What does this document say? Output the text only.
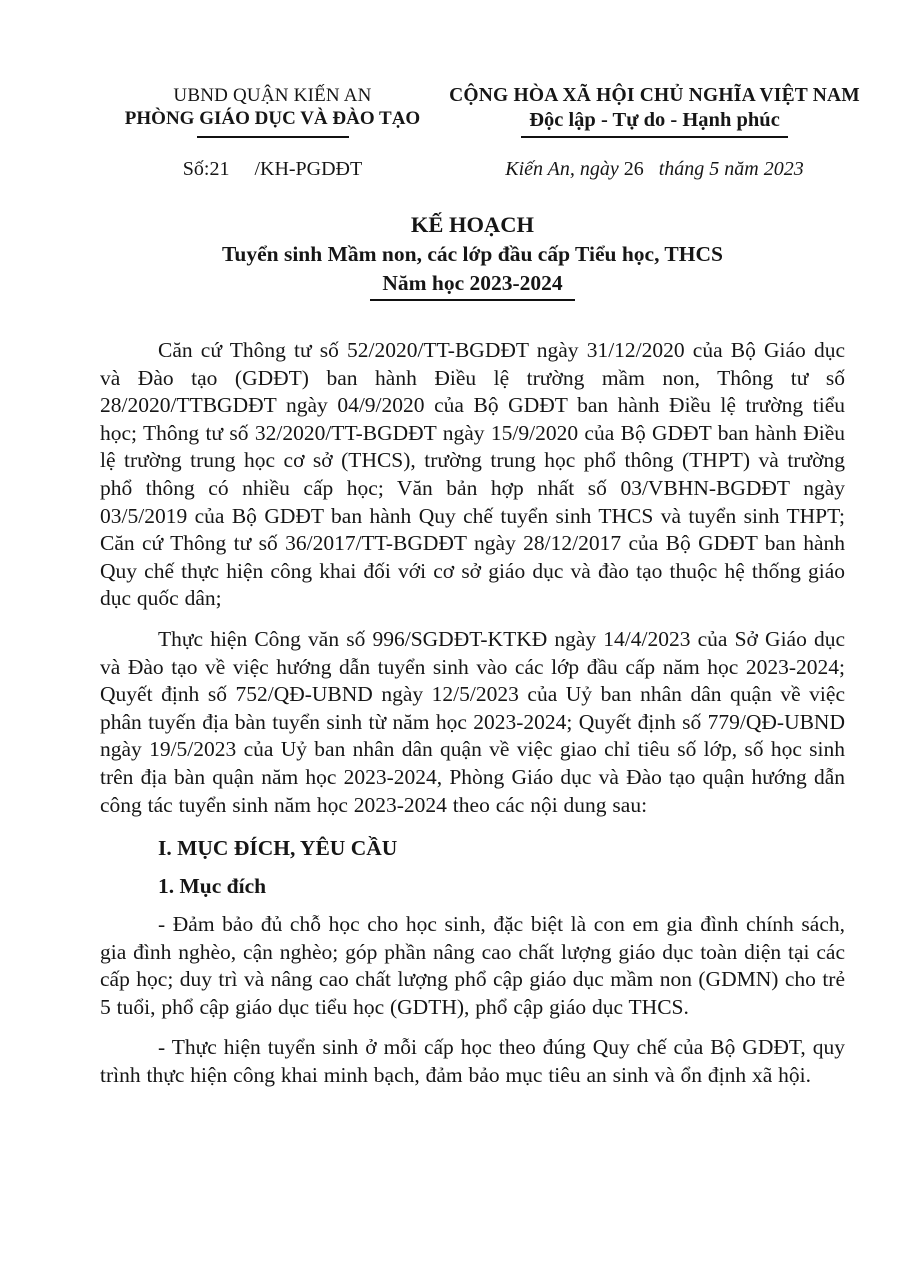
UBND QUẬN KIẾN AN
PHÒNG GIÁO DỤC VÀ ĐÀO TẠO
CỘNG HÒA XÃ HỘI CHỦ NGHĨA VIỆT NAM
Độc lập - Tự do - Hạnh phúc
Số:21     /KH-PGDĐT	Kiến An, ngày 26   tháng 5 năm 2023
KẾ HOẠCH
Tuyển sinh Mầm non, các lớp đầu cấp Tiểu học, THCS
Năm học 2023-2024

Căn cứ Thông tư số 52/2020/TT-BGDĐT ngày 31/12/2020 của Bộ Giáo dục và Đào tạo (GDĐT) ban hành Điều lệ trường mầm non, Thông tư số 28/2020/TTBGDĐT ngày 04/9/2020 của Bộ GDĐT ban hành Điều lệ trường tiểu học; Thông tư số 32/2020/TT-BGDĐT ngày 15/9/2020 của Bộ GDĐT ban hành Điều lệ trường trung học cơ sở (THCS), trường trung học phổ thông (THPT) và trường phổ thông có nhiều cấp học; Văn bản hợp nhất số 03/VBHN-BGDĐT ngày 03/5/2019 của Bộ GDĐT ban hành Quy chế tuyển sinh THCS và tuyển sinh THPT; Căn cứ Thông tư số 36/2017/TT-BGDĐT ngày 28/12/2017 của Bộ GDĐT ban hành Quy chế thực hiện công khai đối với cơ sở giáo dục và đào tạo thuộc hệ thống giáo dục quốc dân;

Thực hiện Công văn số 996/SGDĐT-KTKĐ ngày 14/4/2023 của Sở Giáo dục và Đào tạo về việc hướng dẫn tuyển sinh vào các lớp đầu cấp năm học 2023-2024; Quyết định số 752/QĐ-UBND ngày 12/5/2023 của Uỷ ban nhân dân quận về việc phân tuyến địa bàn tuyển sinh từ năm học 2023-2024; Quyết định số 779/QĐ-UBND ngày 19/5/2023 của Uỷ ban nhân dân quận về việc giao chỉ tiêu số lớp, số học sinh trên địa bàn quận năm học 2023-2024, Phòng Giáo dục và Đào tạo quận hướng dẫn công tác tuyển sinh năm học 2023-2024 theo các nội dung sau:

I. MỤC ĐÍCH, YÊU CẦU
1. Mục đích

- Đảm bảo đủ chỗ học cho học sinh, đặc biệt là con em gia đình chính sách, gia đình nghèo, cận nghèo; góp phần nâng cao chất lượng giáo dục toàn diện tại các cấp học; duy trì và nâng cao chất lượng phổ cập giáo dục mầm non (GDMN) cho trẻ 5 tuổi, phổ cập giáo dục tiểu học (GDTH), phổ cập giáo dục THCS.

- Thực hiện tuyển sinh ở mỗi cấp học theo đúng Quy chế của Bộ GDĐT, quy trình thực hiện công khai minh bạch, đảm bảo mục tiêu an sinh và ổn định xã hội.
